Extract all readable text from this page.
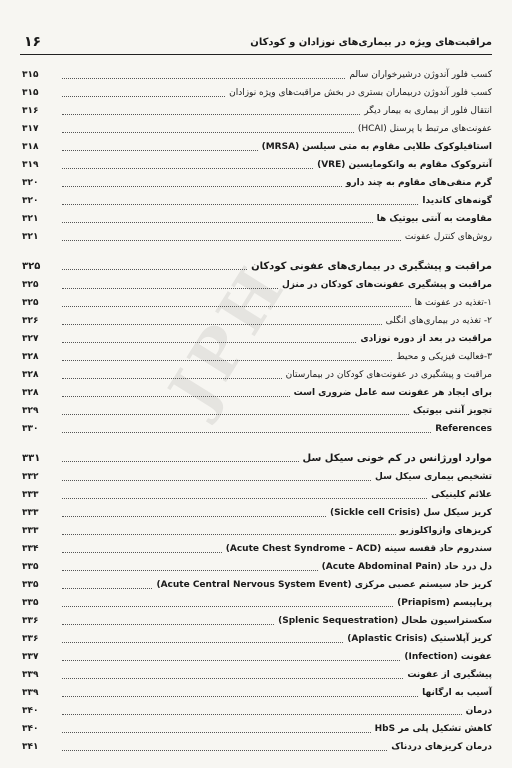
۱۶	مراقبت‌های ویژه در بیماری‌های نوزادان و کودکان
JPH
۳۱۵	کسب فلور آندوژن درشیرخواران سالم
۳۱۵	کسب فلور آندوژن دربیماران بستری در بخش مراقبت‌های ویژه نوزادان
۳۱۶	انتقال فلور از بیماری به بیمار دیگر
۳۱۷	عفونت‌های مرتبط با پرسنل (HCAI)
۳۱۸	استافیلوکوک طلایی مقاوم به متی سیلسن (MRSA)
۳۱۹	آنتروکوک مقاوم به وانکومایسین (VRE)
۳۲۰	گرم منفی‌های مقاوم به چند دارو
۳۲۰	گونه‌های کاندیدا
۳۲۱	مقاومت به آنتی بیوتیک ها
۳۲۱	روش‌های کنترل عفونت
۳۲۵	مراقبت و پیشگیری در بیماری‌های عفونی کودکان
۳۲۵	مراقبت و پیشگیری عفونت‌های کودکان در منزل
۳۲۵	۱-تغذیه در عفونت ها
۳۲۶	۲- تغذیه در بیماری‌های انگلی
۳۲۷	مراقبت در بعد از دوره نوزادی
۳۲۸	۳-فعالیت فیزیکی و محیط
۳۲۸	مراقبت و پیشگیری در عفونت‌های کودکان در بیمارستان
۳۲۸	برای ایجاد هر عفونت سه عامل ضروری است
۳۲۹	تجویز آنتی بیوتیک
۳۳۰	References
۳۳۱	موارد اورژانس در کم خونی سیکل سل
۳۳۲	تشخیص بیماری سیکل سل
۳۳۳	علائم کلینیکی
۳۳۳	کریز سیکل سل (Sickle cell Crisis)
۳۳۳	کریزهای وازواکلوزیو
۳۳۴	سندروم حاد قفسه سینه (Acute Chest Syndrome – ACD)
۳۳۵	دل درد حاد (Acute Abdominal Pain)
۳۳۵	کریز حاد سیستم عصبی مرکزی (Acute Central Nervous System Event)
۳۳۵	پریاپیسم (Priapism)
۳۳۶	سکستراسیون طحال (Splenic Sequestration)
۳۳۶	کریز آپلاستیک (Aplastic Crisis)
۳۳۷	عفونت (Infection)
۳۳۹	پیشگیری از عفونت
۳۳۹	آسیب به ارگانها
۳۴۰	درمان
۳۴۰	کاهش تشکیل پلی مر HbS
۳۴۱	درمان کریزهای دردناک
